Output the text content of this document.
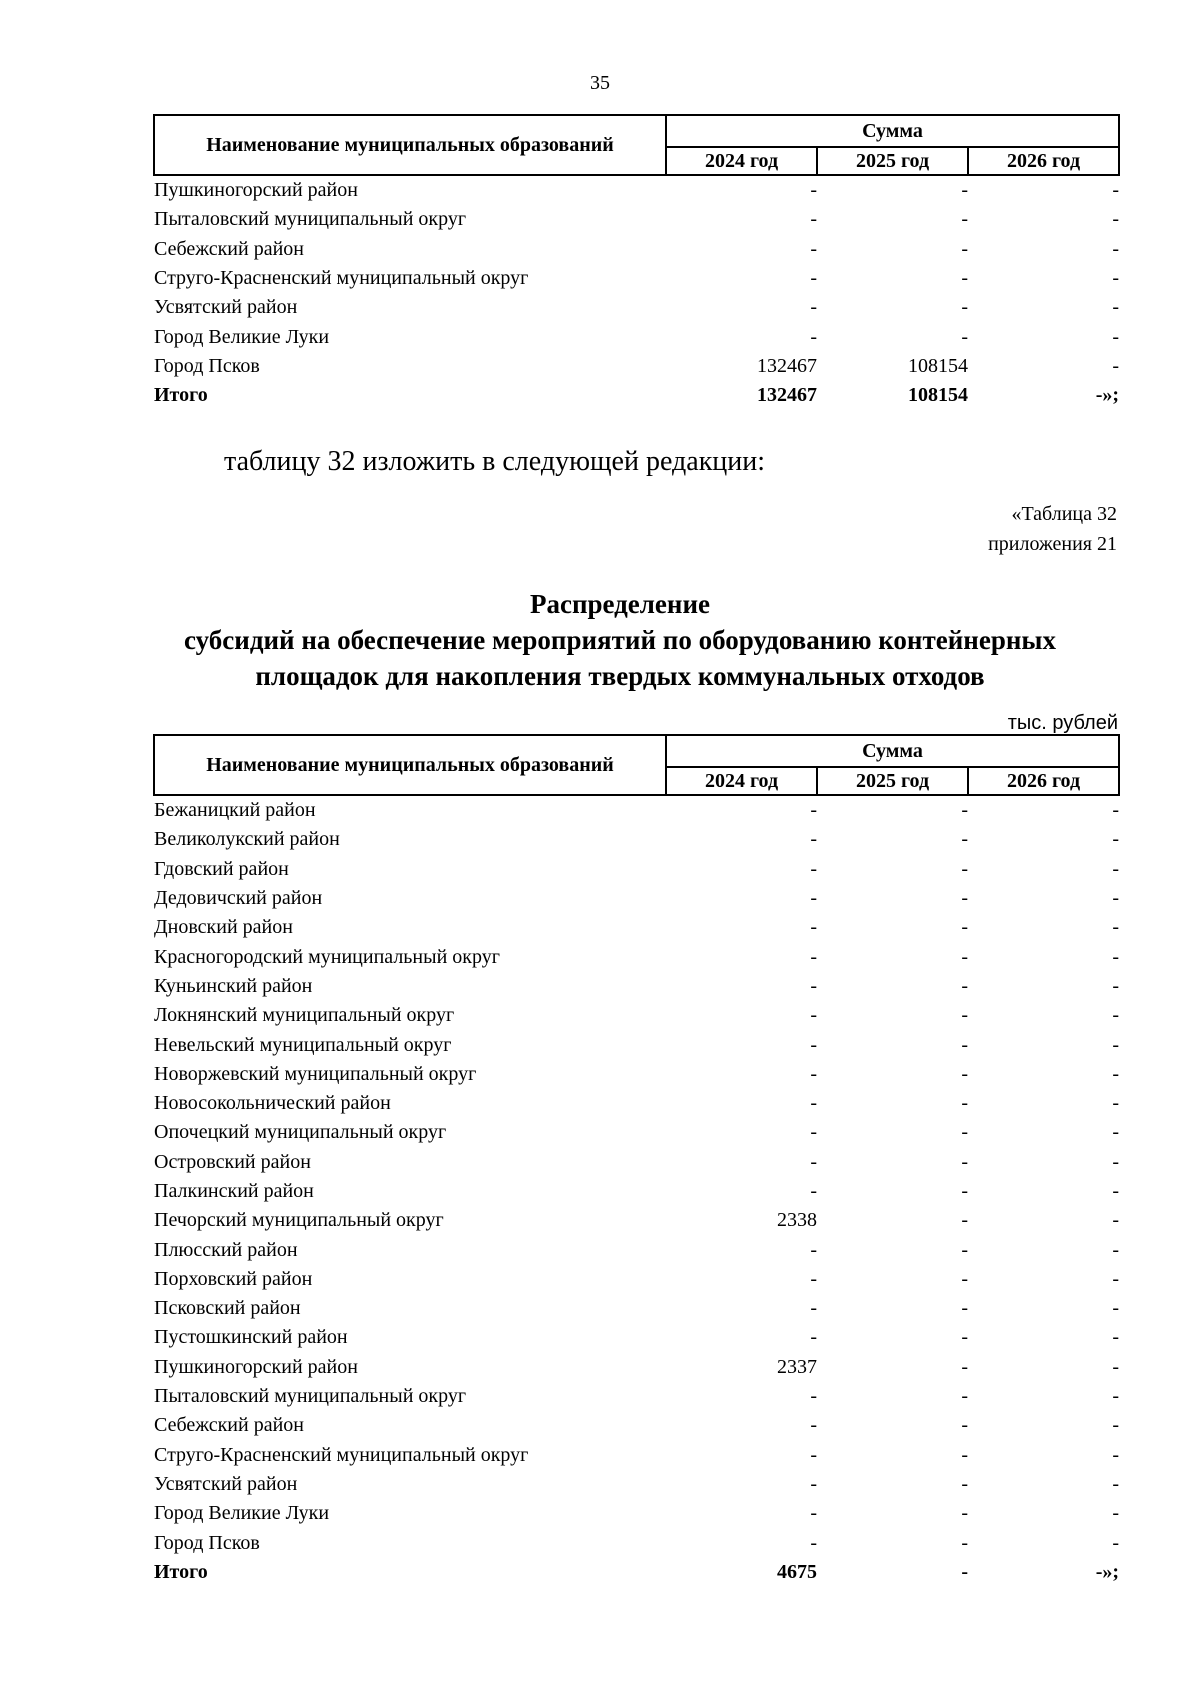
35
Наименование муниципальных образований	Сумма		
	2024 год	2025 год	2026 год
Пушкиногорский район	-	-	-
Пыталовский муниципальный округ	-	-	-
Себежский район	-	-	-
Струго-Красненский муниципальный округ	-	-	-
Усвятский район	-	-	-
Город Великие Луки	-	-	-
Город Псков	132467	108154	-
Итого	132467	108154	-»;
таблицу 32 изложить в следующей редакции:
«Таблица 32
приложения 21
Распределение
субсидий на обеспечение мероприятий по оборудованию контейнерных
площадок для накопления твердых коммунальных отходов
тыс. рублей
Наименование муниципальных образований	Сумма		
	2024 год	2025 год	2026 год
Бежаницкий район	-	-	-
Великолукский район	-	-	-
Гдовский район	-	-	-
Дедовичский район	-	-	-
Дновский район	-	-	-
Красногородский муниципальный округ	-	-	-
Куньинский район	-	-	-
Локнянский муниципальный округ	-	-	-
Невельский муниципальный округ	-	-	-
Новоржевский муниципальный округ	-	-	-
Новосокольнический район	-	-	-
Опочецкий муниципальный округ	-	-	-
Островский район	-	-	-
Палкинский район	-	-	-
Печорский муниципальный округ	2338	-	-
Плюсский район	-	-	-
Порховский район	-	-	-
Псковский район	-	-	-
Пустошкинский район	-	-	-
Пушкиногорский район	2337	-	-
Пыталовский муниципальный округ	-	-	-
Себежский район	-	-	-
Струго-Красненский муниципальный округ	-	-	-
Усвятский район	-	-	-
Город Великие Луки	-	-	-
Город Псков	-	-	-
Итого	4675	-	-»;
